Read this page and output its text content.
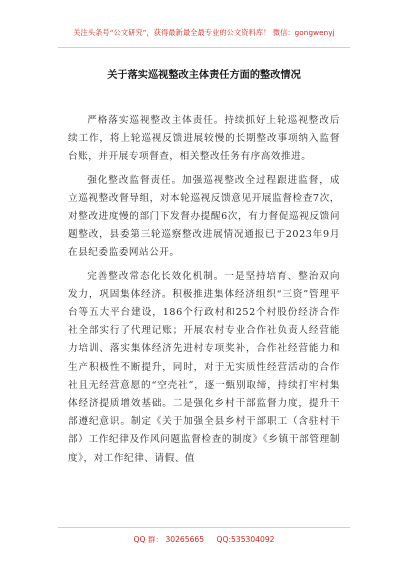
关注头条号“公文研究”，获得最新最全最专业的公文资料库！ 微信：gongwenyj
关于落实巡视整改主体责任方面的整改情况

严格落实巡视整改主体责任。持续抓好上轮巡视整改后续工作，将上轮巡视反馈进展较慢的长期整改事项纳入监督台账，并开展专项督查，相关整改任务有序高效推进。

强化整改监督责任。加强巡视整改全过程跟进监督，成立巡视整改督导组，对本轮巡视反馈意见开展监督检查7次，对整改进度慢的部门下发督办提醒6次，有力督促巡视反馈问题整改，县委第三轮巡察整改进展情况通报已于2023年9月在县纪委监委网站公开。

完善整改常态化长效化机制。一是坚持培育、整治双向发力，巩固集体经济。积极推进集体经济组织“三资”管理平台等五大平台建设，186个行政村和252个村股份经济合作社全部实行了代理记账；开展农村专业合作社负责人经营能力培训、落实集体经济先进村专项奖补，合作社经营能力和生产积极性不断提升，同时，对于无实质性经营活动的合作社且无经营意愿的“空壳社”，逐一甄别取缔，持续打牢村集体经济提质增效基础。二是强化乡村干部监督力度，提升干部遵纪意识。制定《关于加强全县乡村干部职工（含驻村干部）工作纪律及作风问题监督检查的制度》《乡镇干部管理制度》，对工作纪律、请假、值

QQ 群： 30265665 QQ:535304092
